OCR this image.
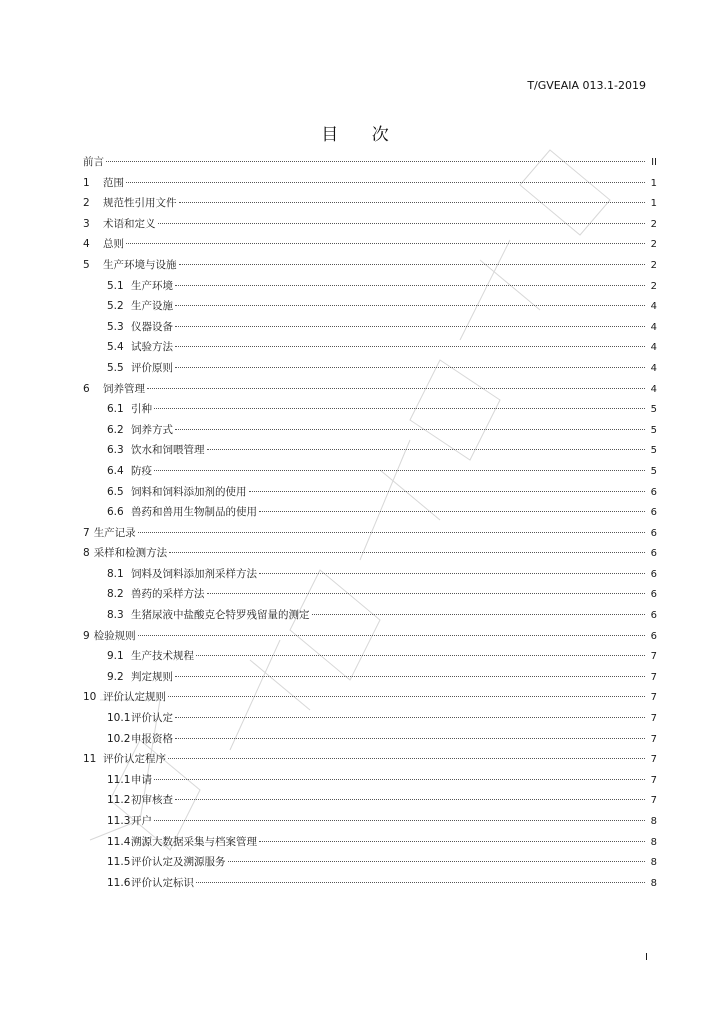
T/GVEAIA 013.1-2019
目 次
前言	II
1	范围	1
2	规范性引用文件	1
3	术语和定义	2
4	总则	2
5	生产环境与设施	2
5.1 生产环境	2
5.2 生产设施	4
5.3 仪器设备	4
5.4 试验方法	4
5.5 评价原则	4
6	饲养管理	4
6.1 引种	5
6.2 饲养方式	5
6.3 饮水和饲喂管理	5
6.4 防疫	5
6.5 饲料和饲料添加剂的使用	6
6.6 兽药和兽用生物制品的使用	6
7 生产记录	6
8 采样和检测方法	6
8.1 饲料及饲料添加剂采样方法	6
8.2 兽药的采样方法	6
8.3 生猪尿液中盐酸克仑特罗残留量的测定	6
9 检验规则	6
9.1 生产技术规程	7
9.2 判定规则	7
10 评价认定规则	7
10.1 评价认定	7
10.2 申报资格	7
11 评价认定程序	7
11.1 申请	7
11.2 初审核查	7
11.3 开户	8
11.4 溯源大数据采集与档案管理	8
11.5 评价认定及溯源服务	8
11.6 评价认定标识	8
I
